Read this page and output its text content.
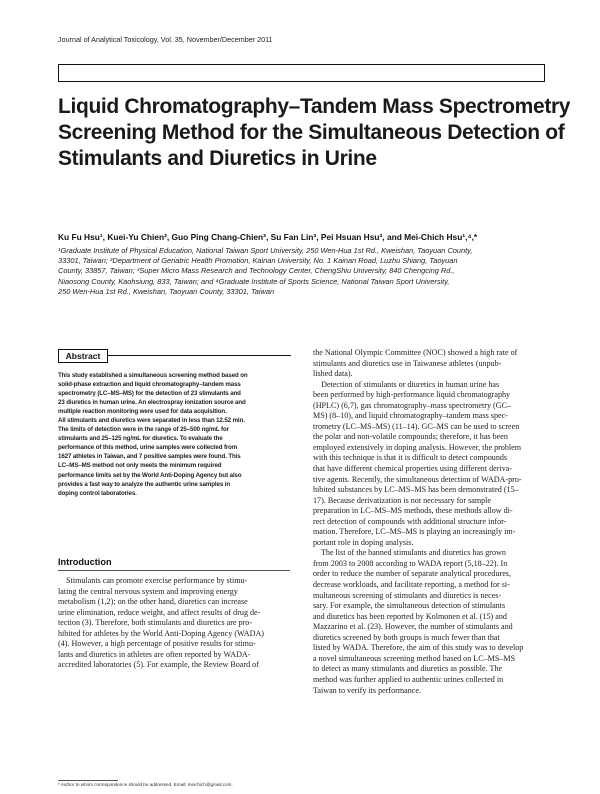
Journal of Analytical Toxicology, Vol. 35, November/December 2011
Liquid Chromatography–Tandem Mass Spectrometry
Screening Method for the Simultaneous Detection of
Stimulants and Diuretics in Urine
Ku Fu Hsu¹, Kuei-Yu Chien², Guo Ping Chang-Chien³, Su Fan Lin³, Pei Hsuan Hsu³, and Mei-Chich Hsu¹,⁴,*
¹Graduate Institute of Physical Education, National Taiwan Sport University, 250 Wen-Hua 1st Rd., Kweishan, Taoyuan County,
33301, Taiwan; ²Department of Geriatric Health Promotion, Kainan University, No. 1 Kainan Road, Luzhu Shiang, Taoyuan
County, 33857, Taiwan; ³Super Micro Mass Research and Technology Center, ChengShiu University, 840 Chengcing Rd.,
Niaosong County, Kaohsiung, 833, Taiwan; and ⁴Graduate Institute of Sports Science, National Taiwan Sport University,
250 Wen-Hua 1st Rd., Kweishan, Taoyuan County, 33301, Taiwan
Abstract
This study established a simultaneous screening method based on
solid-phase extraction and liquid chromatography–tandem mass
spectrometry (LC–MS–MS) for the detection of 23 stimulants and
23 diuretics in human urine. An electrospray ionization source and
multiple reaction monitoring were used for data acquisition.
All stimulants and diuretics were separated in less than 12.52 min.
The limits of detection were in the range of 25–500 ng/mL for
stimulants and 25–125 ng/mL for diuretics. To evaluate the
performance of this method, urine samples were collected from
1627 athletes in Taiwan, and 7 positive samples were found. This
LC–MS–MS method not only meets the minimum required
performance limits set by the World Anti-Doping Agency but also
provides a fast way to analyze the authentic urine samples in
doping control laboratories.
Introduction
Stimulants can promote exercise performance by stimu-
lating the central nervous system and improving energy
metabolism (1,2); on the other hand, diuretics can increase
urine elimination, reduce weight, and affect results of drug de-
tection (3). Therefore, both stimulants and diuretics are pro-
hibited for athletes by the World Anti-Doping Agency (WADA)
(4). However, a high percentage of positive results for stimu-
lants and diuretics in athletes are often reported by WADA-
accredited laboratories (5). For example, the Review Board of
the National Olympic Committee (NOC) showed a high rate of
stimulants and diuretics use in Taiwanese athletes (unpub-
lished data).
Detection of stimulants or diuretics in human urine has
been performed by high-performance liquid chromatography
(HPLC) (6,7), gas chromatography–mass spectrometry (GC–
MS) (8–10), and liquid chromatography–tandem mass spec-
trometry (LC–MS–MS) (11–14). GC–MS can be used to screen
the polar and non-volatile compounds; therefore, it has been
employed extensively in doping analysis. However, the problem
with this technique is that it is difficult to detect compounds
that have different chemical properties using different deriva-
tive agents. Recently, the simultaneous detection of WADA-pro-
hibited substances by LC–MS–MS has been demonstrated (15–
17). Because derivatization is not necessary for sample
preparation in LC–MS–MS methods, these methods allow di-
rect detection of compounds with additional structure infor-
mation. Therefore, LC–MS–MS is playing an increasingly im-
portant role in doping analysis.
The list of the banned stimulants and diuretics has grown
from 2003 to 2008 according to WADA report (5,18–22). In
order to reduce the number of separate analytical procedures,
decrease workloads, and facilitate reporting, a method for si-
multaneous screening of stimulants and diuretics is neces-
sary. For example, the simultaneous detection of stimulants
and diuretics has been reported by Kolmonen et al. (15) and
Mazzarino et al. (23). However, the number of stimulants and
diuretics screened by both groups is much fewer than that
listed by WADA. Therefore, the aim of this study was to develop
a novel simultaneous screening method based on LC–MS–MS
to detect as many stimulants and diuretics as possible. The
method was further applied to authentic urines collected in
Taiwan to verify its performance.
* Author to whom correspondence should be addressed. Email: meichich@gmail.com.
